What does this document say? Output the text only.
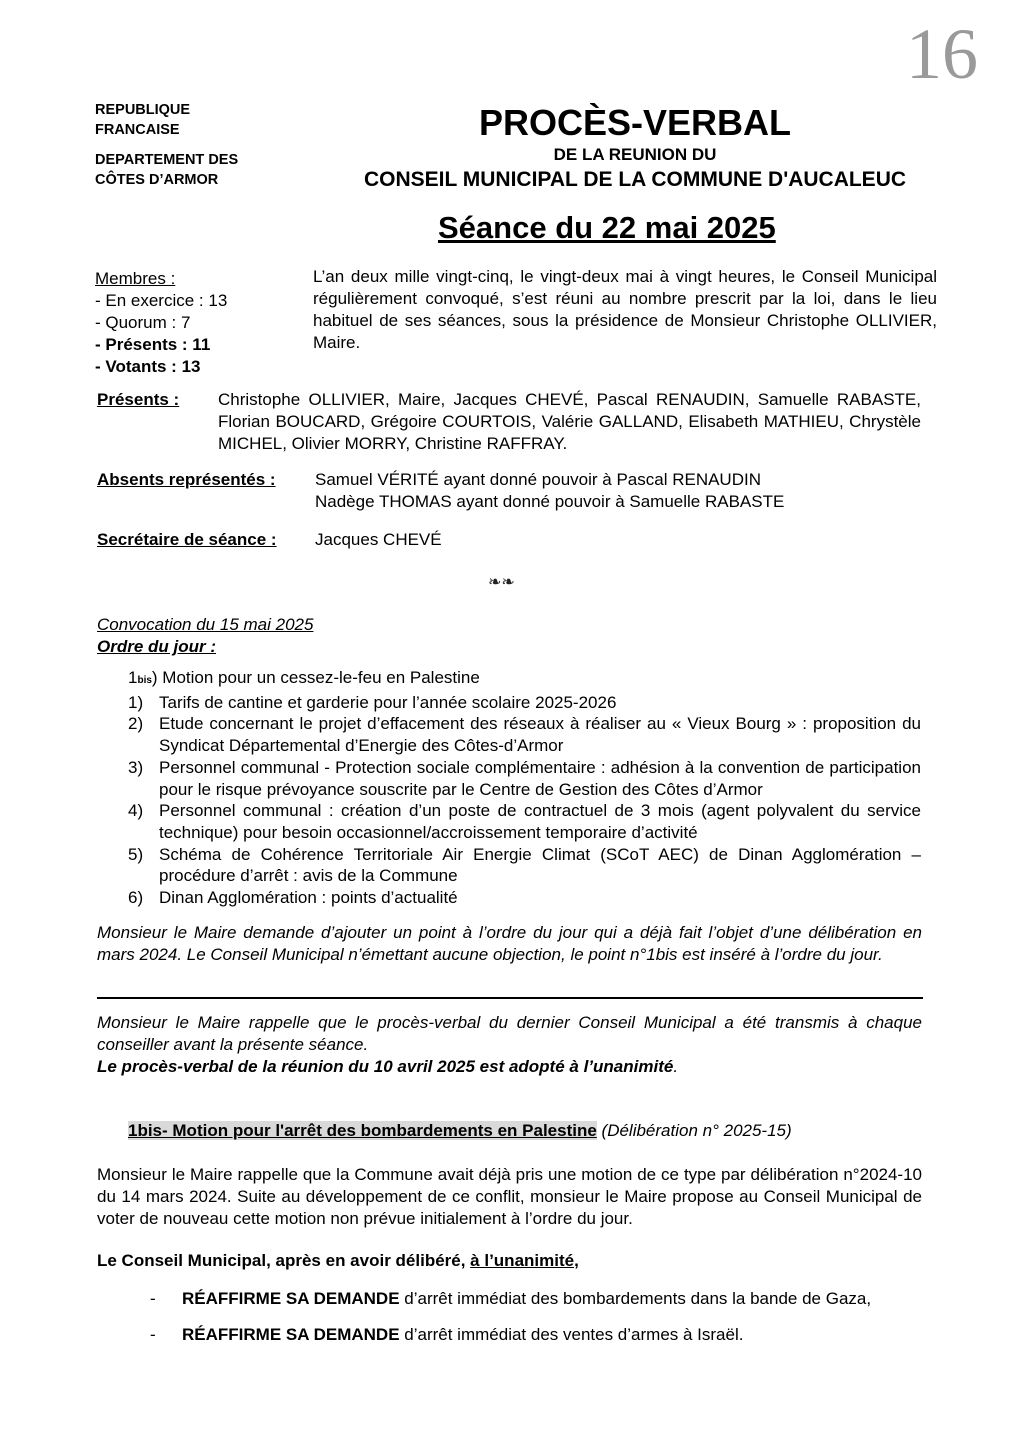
16
REPUBLIQUE
FRANCAISE
DEPARTEMENT DES
CÔTES D’ARMOR
PROCÈS-VERBAL
DE LA REUNION DU
CONSEIL MUNICIPAL DE LA COMMUNE D'AUCALEUC
Séance du 22 mai 2025
Membres :
- En exercice : 13
- Quorum : 7
- Présents : 11
- Votants : 13
L’an deux mille vingt-cinq, le vingt-deux mai à vingt heures, le Conseil Municipal régulièrement convoqué, s’est réuni au nombre prescrit par la loi, dans le lieu habituel de ses séances, sous la présidence de Monsieur Christophe OLLIVIER, Maire.
Présents : Christophe OLLIVIER, Maire, Jacques CHEVÉ, Pascal RENAUDIN, Samuelle RABASTE, Florian BOUCARD, Grégoire COURTOIS, Valérie GALLAND, Elisabeth MATHIEU, Chrystèle MICHEL, Olivier MORRY, Christine RAFFRAY.
Absents représentés : Samuel VÉRITÉ ayant donné pouvoir à Pascal RENAUDIN
Nadège THOMAS ayant donné pouvoir à Samuelle RABASTE
Secrétaire de séance : Jacques CHEVÉ
❧❧
Convocation du 15 mai 2025
Ordre du jour :
1bis) Motion pour un cessez-le-feu en Palestine
1) Tarifs de cantine et garderie pour l’année scolaire 2025-2026
2) Etude concernant le projet d’effacement des réseaux à réaliser au « Vieux Bourg » : proposition du Syndicat Départemental d’Energie des Côtes-d’Armor
3) Personnel communal - Protection sociale complémentaire : adhésion à la convention de participation pour le risque prévoyance souscrite par le Centre de Gestion des Côtes d’Armor
4) Personnel communal : création d’un poste de contractuel de 3 mois (agent polyvalent du service technique) pour besoin occasionnel/accroissement temporaire d’activité
5) Schéma de Cohérence Territoriale Air Energie Climat (SCoT AEC) de Dinan Agglomération – procédure d’arrêt : avis de la Commune
6) Dinan Agglomération : points d’actualité
Monsieur le Maire demande d’ajouter un point à l’ordre du jour qui a déjà fait l’objet d’une délibération en mars 2024. Le Conseil Municipal n’émettant aucune objection, le point n°1bis est inséré à l’ordre du jour.
Monsieur le Maire rappelle que le procès-verbal du dernier Conseil Municipal a été transmis à chaque conseiller avant la présente séance.
Le procès-verbal de la réunion du 10 avril 2025 est adopté à l’unanimité.
1bis- Motion pour l'arrêt des bombardements en Palestine (Délibération n° 2025-15)
Monsieur le Maire rappelle que la Commune avait déjà pris une motion de ce type par délibération n°2024-10 du 14 mars 2024. Suite au développement de ce conflit, monsieur le Maire propose au Conseil Municipal de voter de nouveau cette motion non prévue initialement à l’ordre du jour.
Le Conseil Municipal, après en avoir délibéré, à l’unanimité,
- RÉAFFIRME SA DEMANDE d’arrêt immédiat des bombardements dans la bande de Gaza,
- RÉAFFIRME SA DEMANDE d’arrêt immédiat des ventes d’armes à Israël.
